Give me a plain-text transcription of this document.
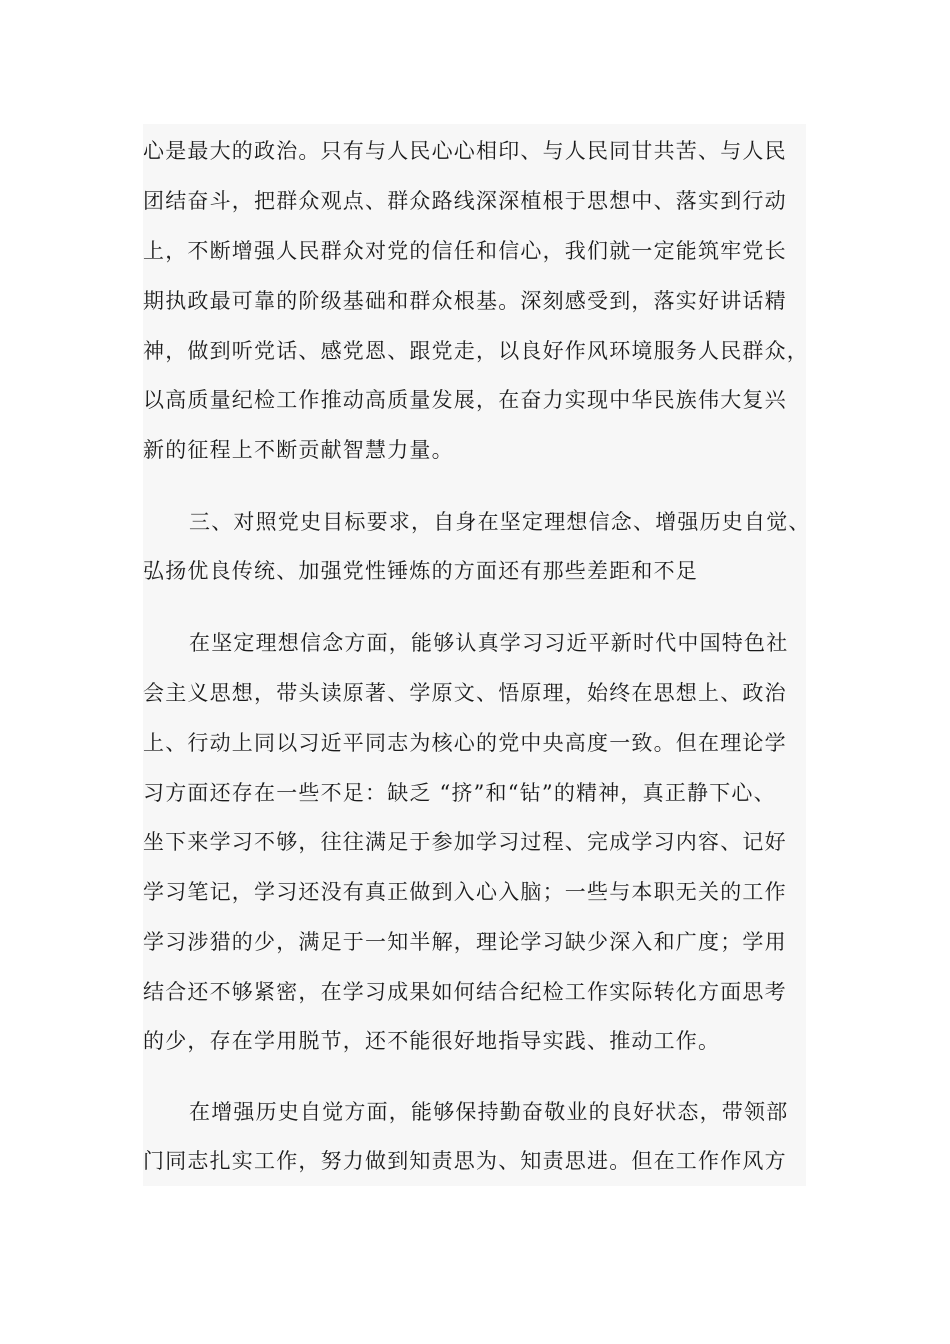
心是最大的政治。只有与人民心心相印、与人民同甘共苦、与人民
团结奋斗，把群众观点、群众路线深深植根于思想中、落实到行动
上，不断增强人民群众对党的信任和信心，我们就一定能筑牢党长
期执政最可靠的阶级基础和群众根基。深刻感受到，落实好讲话精
神，做到听党话、感党恩、跟党走，以良好作风环境服务人民群众，
以高质量纪检工作推动高质量发展，在奋力实现中华民族伟大复兴
新的征程上不断贡献智慧力量。
三、对照党史目标要求，自身在坚定理想信念、增强历史自觉、
弘扬优良传统、加强党性锤炼的方面还有那些差距和不足
在坚定理想信念方面，能够认真学习习近平新时代中国特色社
会主义思想，带头读原著、学原文、悟原理，始终在思想上、政治
上、行动上同以习近平同志为核心的党中央高度一致。但在理论学
习方面还存在一些不足：缺乏 “挤”和“钻”的精神，真正静下心、
坐下来学习不够，往往满足于参加学习过程、完成学习内容、记好
学习笔记，学习还没有真正做到入心入脑；一些与本职无关的工作
学习涉猎的少，满足于一知半解，理论学习缺少深入和广度；学用
结合还不够紧密，在学习成果如何结合纪检工作实际转化方面思考
的少，存在学用脱节，还不能很好地指导实践、推动工作。
在增强历史自觉方面，能够保持勤奋敬业的良好状态，带领部
门同志扎实工作，努力做到知责思为、知责思进。但在工作作风方
